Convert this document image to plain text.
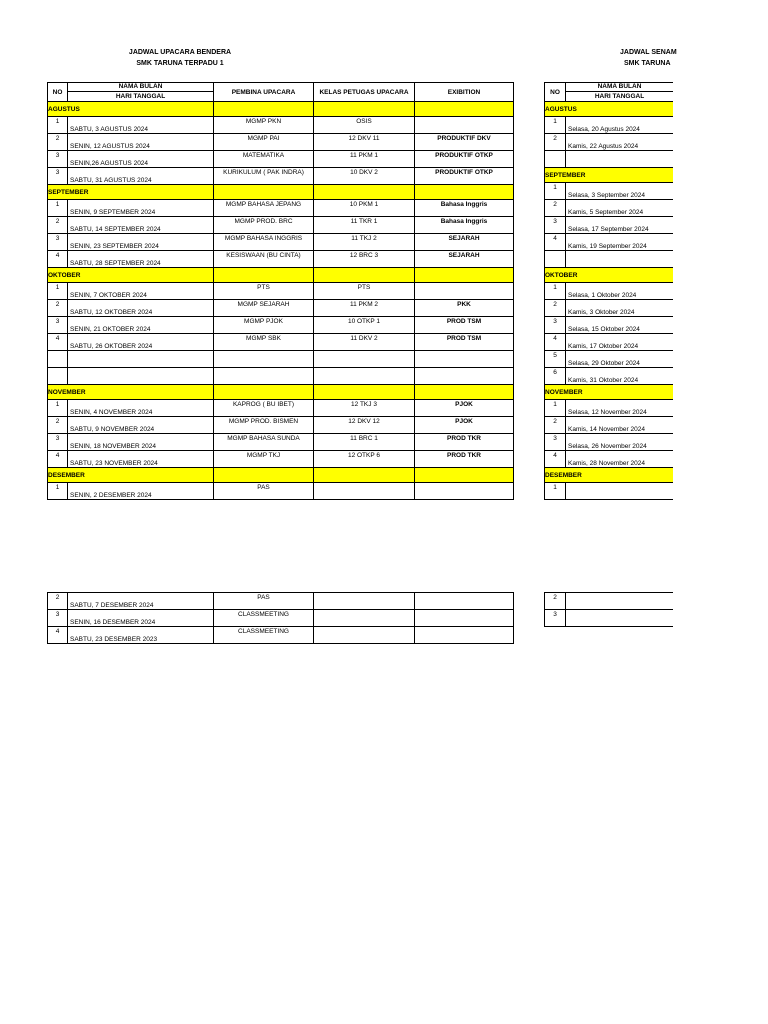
JADWAL UPACARA BENDERA
SMK TARUNA TERPADU 1
JADWAL SENAM
SMK TARUNA
NO	NAMA BULAN
HARI TANGGAL	PEMBINA UPACARA	KELAS PETUGAS UPACARA	EXIBITION
AGUSTUS				
1	SABTU, 3 AGUSTUS 2024	MGMP PKN	OSIS	
2	SENIN, 12 AGUSTUS 2024	MGMP PAI	12 DKV 11	PRODUKTIF DKV
3	SENIN,26 AGUSTUS 2024	MATEMATIKA	11 PKM 1	PRODUKTIF OTKP
3	SABTU, 31 AGUSTUS 2024	KURIKULUM ( PAK INDRA)	10 DKV 2	PRODUKTIF OTKP
SEPTEMBER				
1	SENIN, 9 SEPTEMBER 2024	MGMP BAHASA JEPANG	10 PKM 1	Bahasa Inggris
2	SABTU, 14 SEPTEMBER 2024	MGMP PROD. BRC	11 TKR 1	Bahasa Inggris
3	SENIN, 23 SEPTEMBER 2024	MGMP BAHASA INGGRIS	11 TKJ 2	SEJARAH
4	SABTU, 28 SEPTEMBER 2024	KESISWAAN (BU CINTA)	12 BRC 3	SEJARAH
OKTOBER				
1	SENIN, 7 OKTOBER 2024	PTS	PTS	
2	SABTU, 12 OKTOBER 2024	MGMP SEJARAH	11 PKM 2	PKK
3	SENIN, 21 OKTOBER 2024	MGMP PJOK	10 OTKP 1	PROD TSM
4	SABTU, 26 OKTOBER 2024	MGMP SBK	11 DKV 2	PROD TSM

NOVEMBER				
1	SENIN, 4 NOVEMBER 2024	KAPROG ( BU IBET)	12 TKJ 3	PJOK
2	SABTU, 9 NOVEMBER 2024	MGMP PROD. BISMEN	12 DKV 12	PJOK
3	SENIN, 18 NOVEMBER 2024	MGMP BAHASA SUNDA	11 BRC 1	PROD TKR
4	SABTU, 23 NOVEMBER 2024	MGMP TKJ	12 OTKP 6	PROD TKR
DESEMBER				
1	SENIN, 2 DESEMBER 2024	PAS		
2	SABTU, 7 DESEMBER 2024	PAS		
3	SENIN, 16 DESEMBER 2024	CLASSMEETING		
4	SABTU, 23 DESEMBER 2023	CLASSMEETING		
NO	NAMA BULAN
HARI TANGGAL

AGUSTUS	
1	Selasa, 20 Agustus 2024
2	Kamis, 22 Agustus 2024

SEPTEMBER	
1	Selasa, 3 September 2024
2	Kamis, 5 September 2024
3	Selasa, 17 September 2024
4	Kamis, 19 September 2024

OKTOBER	
1	Selasa, 1 Oktober 2024
2	Kamis, 3 Oktober 2024
3	Selasa, 15 Oktober 2024
4	Kamis, 17 Oktober 2024
5	Selasa, 29 Oktober 2024
6	Kamis, 31 Oktober 2024
NOVEMBER	
1	Selasa, 12 November 2024
2	Kamis, 14 November 2024
3	Selasa, 26 November 2024
4	Kamis, 28 November 2024
DESEMBER	
1	
2	
3	
